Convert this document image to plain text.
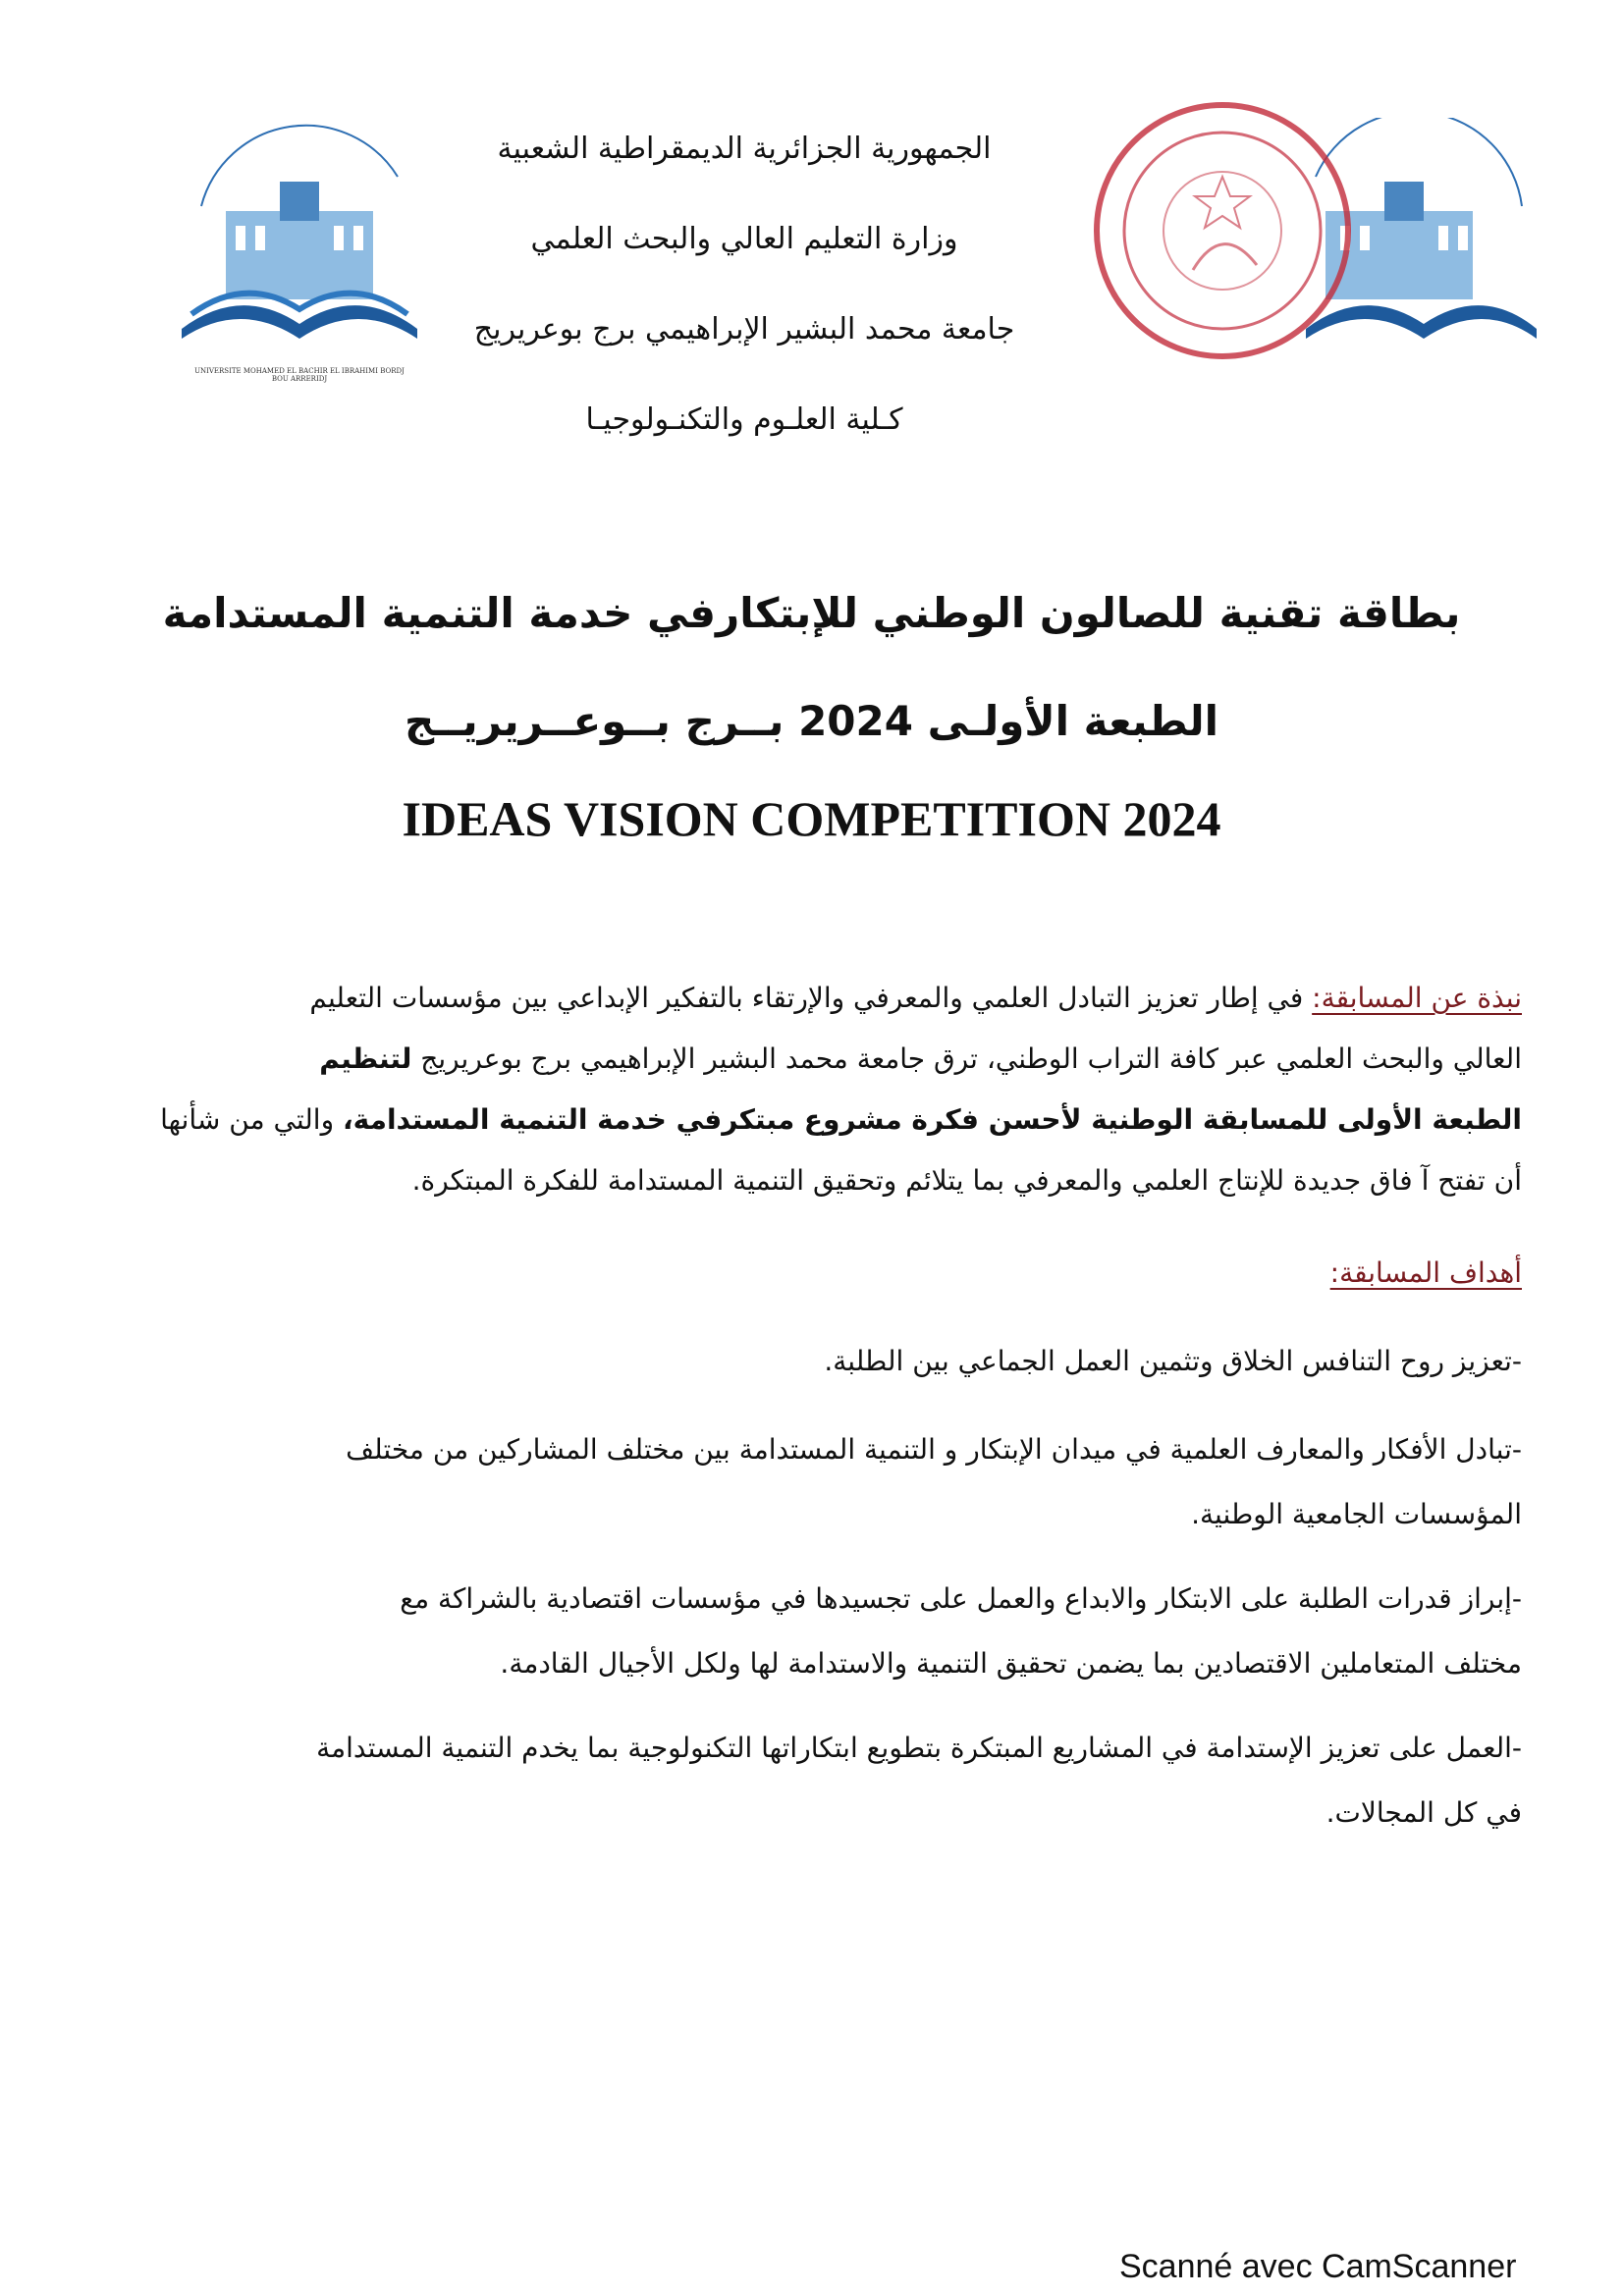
UNIVERSITE MOHAMED EL BACHIR EL IBRAHIMI BORDJ BOU ARRERIDJ
الجمهورية الجزائرية الديمقراطية الشعبية
وزارة التعليم العالي والبحث العلمي
جامعة محمد البشير الإبراهيمي برج بوعريريج
كـلية العلـوم والتكنـولوجيـا
بطاقة تقنية للصالون الوطني للإبتكارفي خدمة التنمية المستدامة
الطبعة الأولـى 2024 بــرج بــوعــريريــج
IDEAS VISION COMPETITION 2024
نبذة عن المسابقة: في إطار تعزيز التبادل العلمي والمعرفي والإرتقاء بالتفكير الإبداعي بين مؤسسات التعليم
العالي والبحث العلمي عبر كافة التراب الوطني، ترق جامعة محمد البشير الإبراهيمي برج بوعريريج لتنظيم
الطبعة الأولى للمسابقة الوطنية لأحسن فكرة مشروع مبتكرفي خدمة التنمية المستدامة، والتي من شأنها
أن تفتح آ فاق جديدة للإنتاج العلمي والمعرفي بما يتلائم وتحقيق التنمية المستدامة للفكرة المبتكرة.
أهداف المسابقة:
-تعزيز روح التنافس الخلاق وتثمين العمل الجماعي بين الطلبة.
-تبادل الأفكار والمعارف العلمية في ميدان الإبتكار و التنمية المستدامة بين مختلف المشاركين من مختلف
المؤسسات الجامعية الوطنية.
-إبراز قدرات الطلبة على الابتكار والابداع والعمل على تجسيدها في مؤسسات اقتصادية بالشراكة مع
مختلف المتعاملين الاقتصادين بما يضمن تحقيق التنمية والاستدامة لها ولكل الأجيال القادمة.
-العمل على تعزيز الإستدامة في المشاريع المبتكرة بتطويع ابتكاراتها التكنولوجية بما يخدم التنمية المستدامة
في كل المجالات.
Scanné avec CamScanner
